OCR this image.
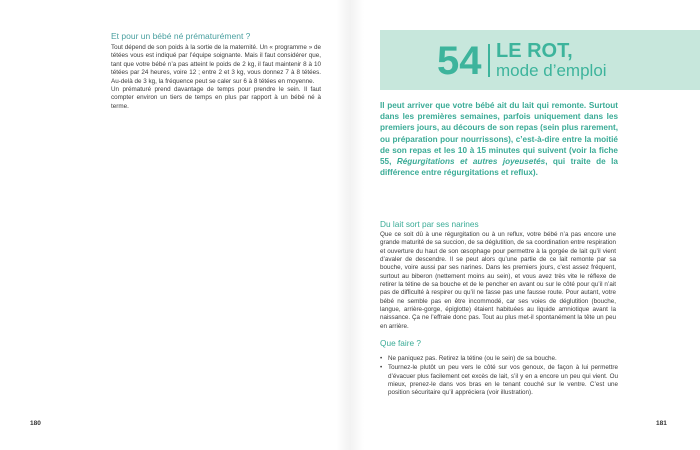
Et pour un bébé né prématurément ?

Tout dépend de son poids à la sortie de la maternité. Un « programme » de tétées vous est indiqué par l’équipe soignante. Mais il faut considérer que, tant que votre bébé n’a pas atteint le poids de 2 kg, il faut maintenir 8 à 10 tétées par 24 heures, voire 12 ; entre 2 et 3 kg, vous donnez 7 à 8 tétées. Au-delà de 3 kg, la fréquence peut se caler sur 6 à 8 tétées en moyenne.

Un prématuré prend davantage de temps pour prendre le sein. Il faut compter environ un tiers de temps en plus par rapport à un bébé né à terme.

180
54 LE ROT,
mode d’emploi

Il peut arriver que votre bébé ait du lait qui remonte. Surtout dans les premières semaines, parfois uniquement dans les premiers jours, au décours de son repas (sein plus rarement, ou préparation pour nourrissons), c’est-à-dire entre la moitié de son repas et les 10 à 15 minutes qui suivent (voir la fiche 55, Régurgitations et autres joyeusetés, qui traite de la différence entre régurgitations et reflux).

Du lait sort par ses narines

Que ce soit dû à une régurgitation ou à un reflux, votre bébé n’a pas encore une grande maturité de sa succion, de sa déglutition, de sa coordination entre respiration et ouverture du haut de son œsophage pour permettre à la gorgée de lait qu’il vient d’avaler de descendre. Il se peut alors qu’une partie de ce lait remonte par sa bouche, voire aussi par ses narines. Dans les premiers jours, c’est assez fréquent, surtout au biberon (nettement moins au sein), et vous avez très vite le réflexe de retirer la tétine de sa bouche et de le pencher en avant ou sur le côté pour qu’il n’ait pas de difficulté à respirer ou qu’il ne fasse pas une fausse route. Pour autant, votre bébé ne semble pas en être incommodé, car ses voies de déglutition (bouche, langue, arrière-gorge, épiglotte) étaient habituées au liquide amniotique avant la naissance. Ça ne l’effraie donc pas. Tout au plus met-il spontanément la tête un peu en arrière.

Que faire ?
• Ne paniquez pas. Retirez la tétine (ou le sein) de sa bouche.
• Tournez-le plutôt un peu vers le côté sur vos genoux, de façon à lui permettre d’évacuer plus facilement cet excès de lait, s’il y en a encore un peu qui vient. Ou mieux, prenez-le dans vos bras en le tenant couché sur le ventre. C’est une position sécuritaire qu’il appréciera (voir illustration).
181
